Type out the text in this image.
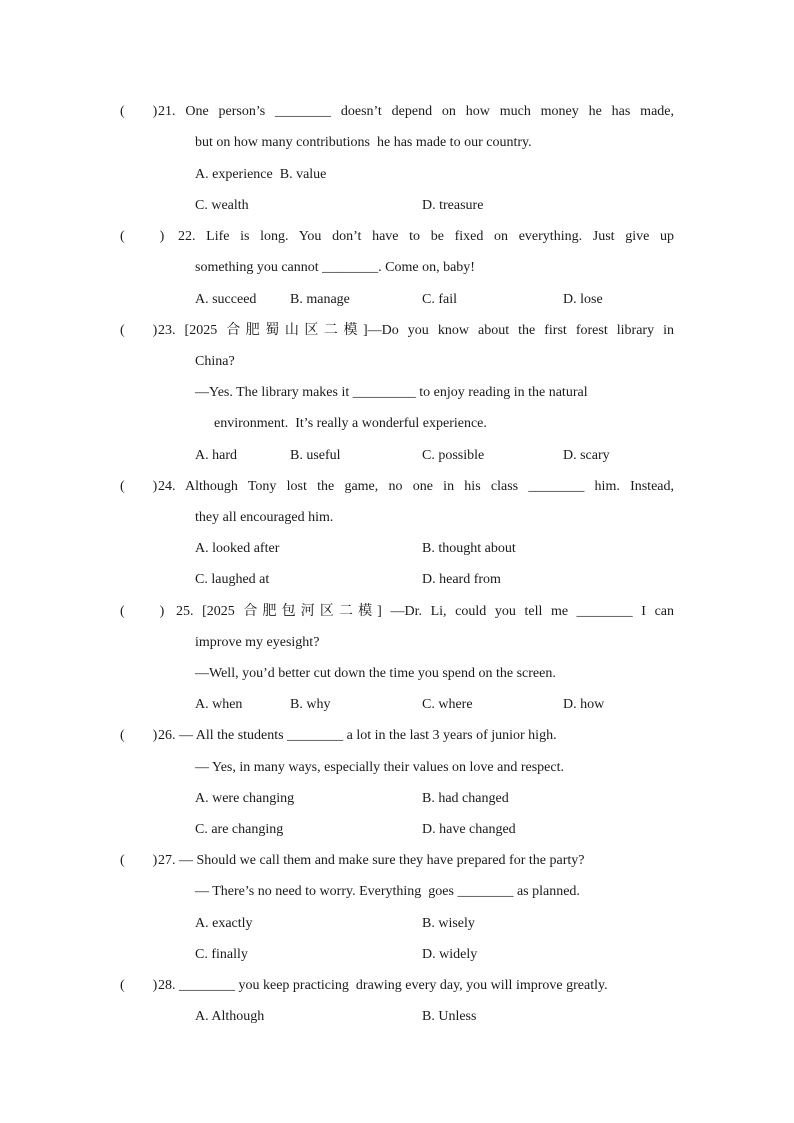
(        ) 21. One person’s ________ doesn’t depend on how much money he has made,
but on how many contributions  he has made to our country.
A. experience  B. value
C. wealth	D. treasure
(          ) 22. Life is long. You don’t have to be fixed on everything. Just give up
something you cannot ________. Come on, baby!
A. succeed B. manage	C. fail	D. lose
(        ) 23. [2025 合肥蜀山区二模]—Do you know about the first forest library in
China?
—Yes. The library makes it _________ to enjoy reading in the natural
environment.  It’s really a wonderful experience.
A. hard	B. useful	C. possible	D. scary
(        ) 24. Although Tony lost the game, no one in his class ________ him. Instead,
they all encouraged him.
A. looked after	B. thought about
C. laughed at	D. heard from
(          ) 25. [2025 合肥包河区二模] —Dr. Li, could you tell me ________ I can
improve my eyesight?
—Well, you’d better cut down the time you spend on the screen.
A. when	B. why	C. where	D. how
(        ) 26. — All the students ________ a lot in the last 3 years of junior high.
— Yes, in many ways, especially their values on love and respect.
A. were changing	B. had changed
C. are changing	D. have changed
(        ) 27. — Should we call them and make sure they have prepared for the party?
— There’s no need to worry. Everything  goes ________ as planned.
A. exactly	B. wisely
C. finally	D. widely
(        ) 28. ________ you keep practicing  drawing every day, you will improve greatly.
A. Although	B. Unless
